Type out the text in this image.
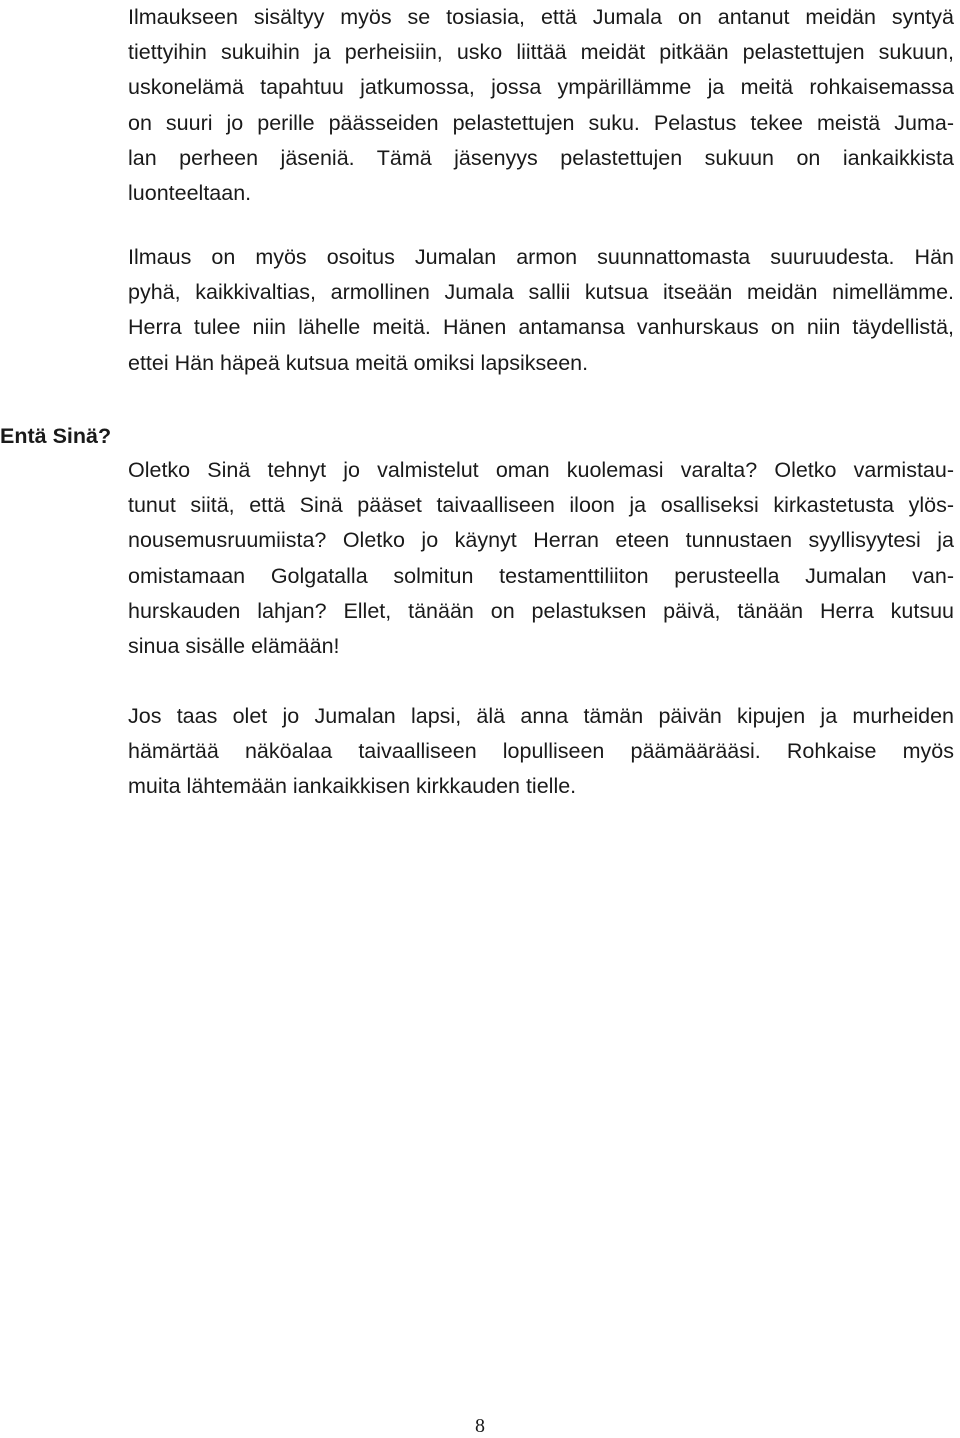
Ilmaukseen sisältyy myös se tosiasia, että Jumala on antanut meidän syntyä
tiettyihin sukuihin ja perheisiin, usko liittää meidät pitkään pelastettujen sukuun,
uskonelämä tapahtuu jatkumossa, jossa ympärillämme ja meitä rohkaisemassa
on suuri jo perille päässeiden pelastettujen suku. Pelastus tekee meistä Juma-
lan perheen jäseniä. Tämä jäsenyys pelastettujen sukuun on iankaikkista
luonteeltaan.
Ilmaus on myös osoitus Jumalan armon suunnattomasta suuruudesta. Hän
pyhä, kaikkivaltias, armollinen Jumala sallii kutsua itseään meidän nimellämme.
Herra tulee niin lähelle meitä. Hänen antamansa vanhurskaus on niin täydellistä,
ettei Hän häpeä kutsua meitä omiksi lapsikseen.
Entä Sinä?
Oletko Sinä tehnyt jo valmistelut oman kuolemasi varalta? Oletko varmistau-
tunut siitä, että Sinä pääset taivaalliseen iloon ja osalliseksi kirkastetusta ylös-
nousemusruumiista? Oletko jo käynyt Herran eteen tunnustaen syyllisyytesi ja
omistamaan Golgatalla solmitun testamenttiliiton perusteella Jumalan van-
hurskauden lahjan? Ellet, tänään on pelastuksen päivä, tänään Herra kutsuu
sinua sisälle elämään!
Jos taas olet jo Jumalan lapsi, älä anna tämän päivän kipujen ja murheiden
hämärtää näköalaa taivaalliseen lopulliseen päämäärääsi. Rohkaise myös
muita lähtemään iankaikkisen kirkkauden tielle.
8
